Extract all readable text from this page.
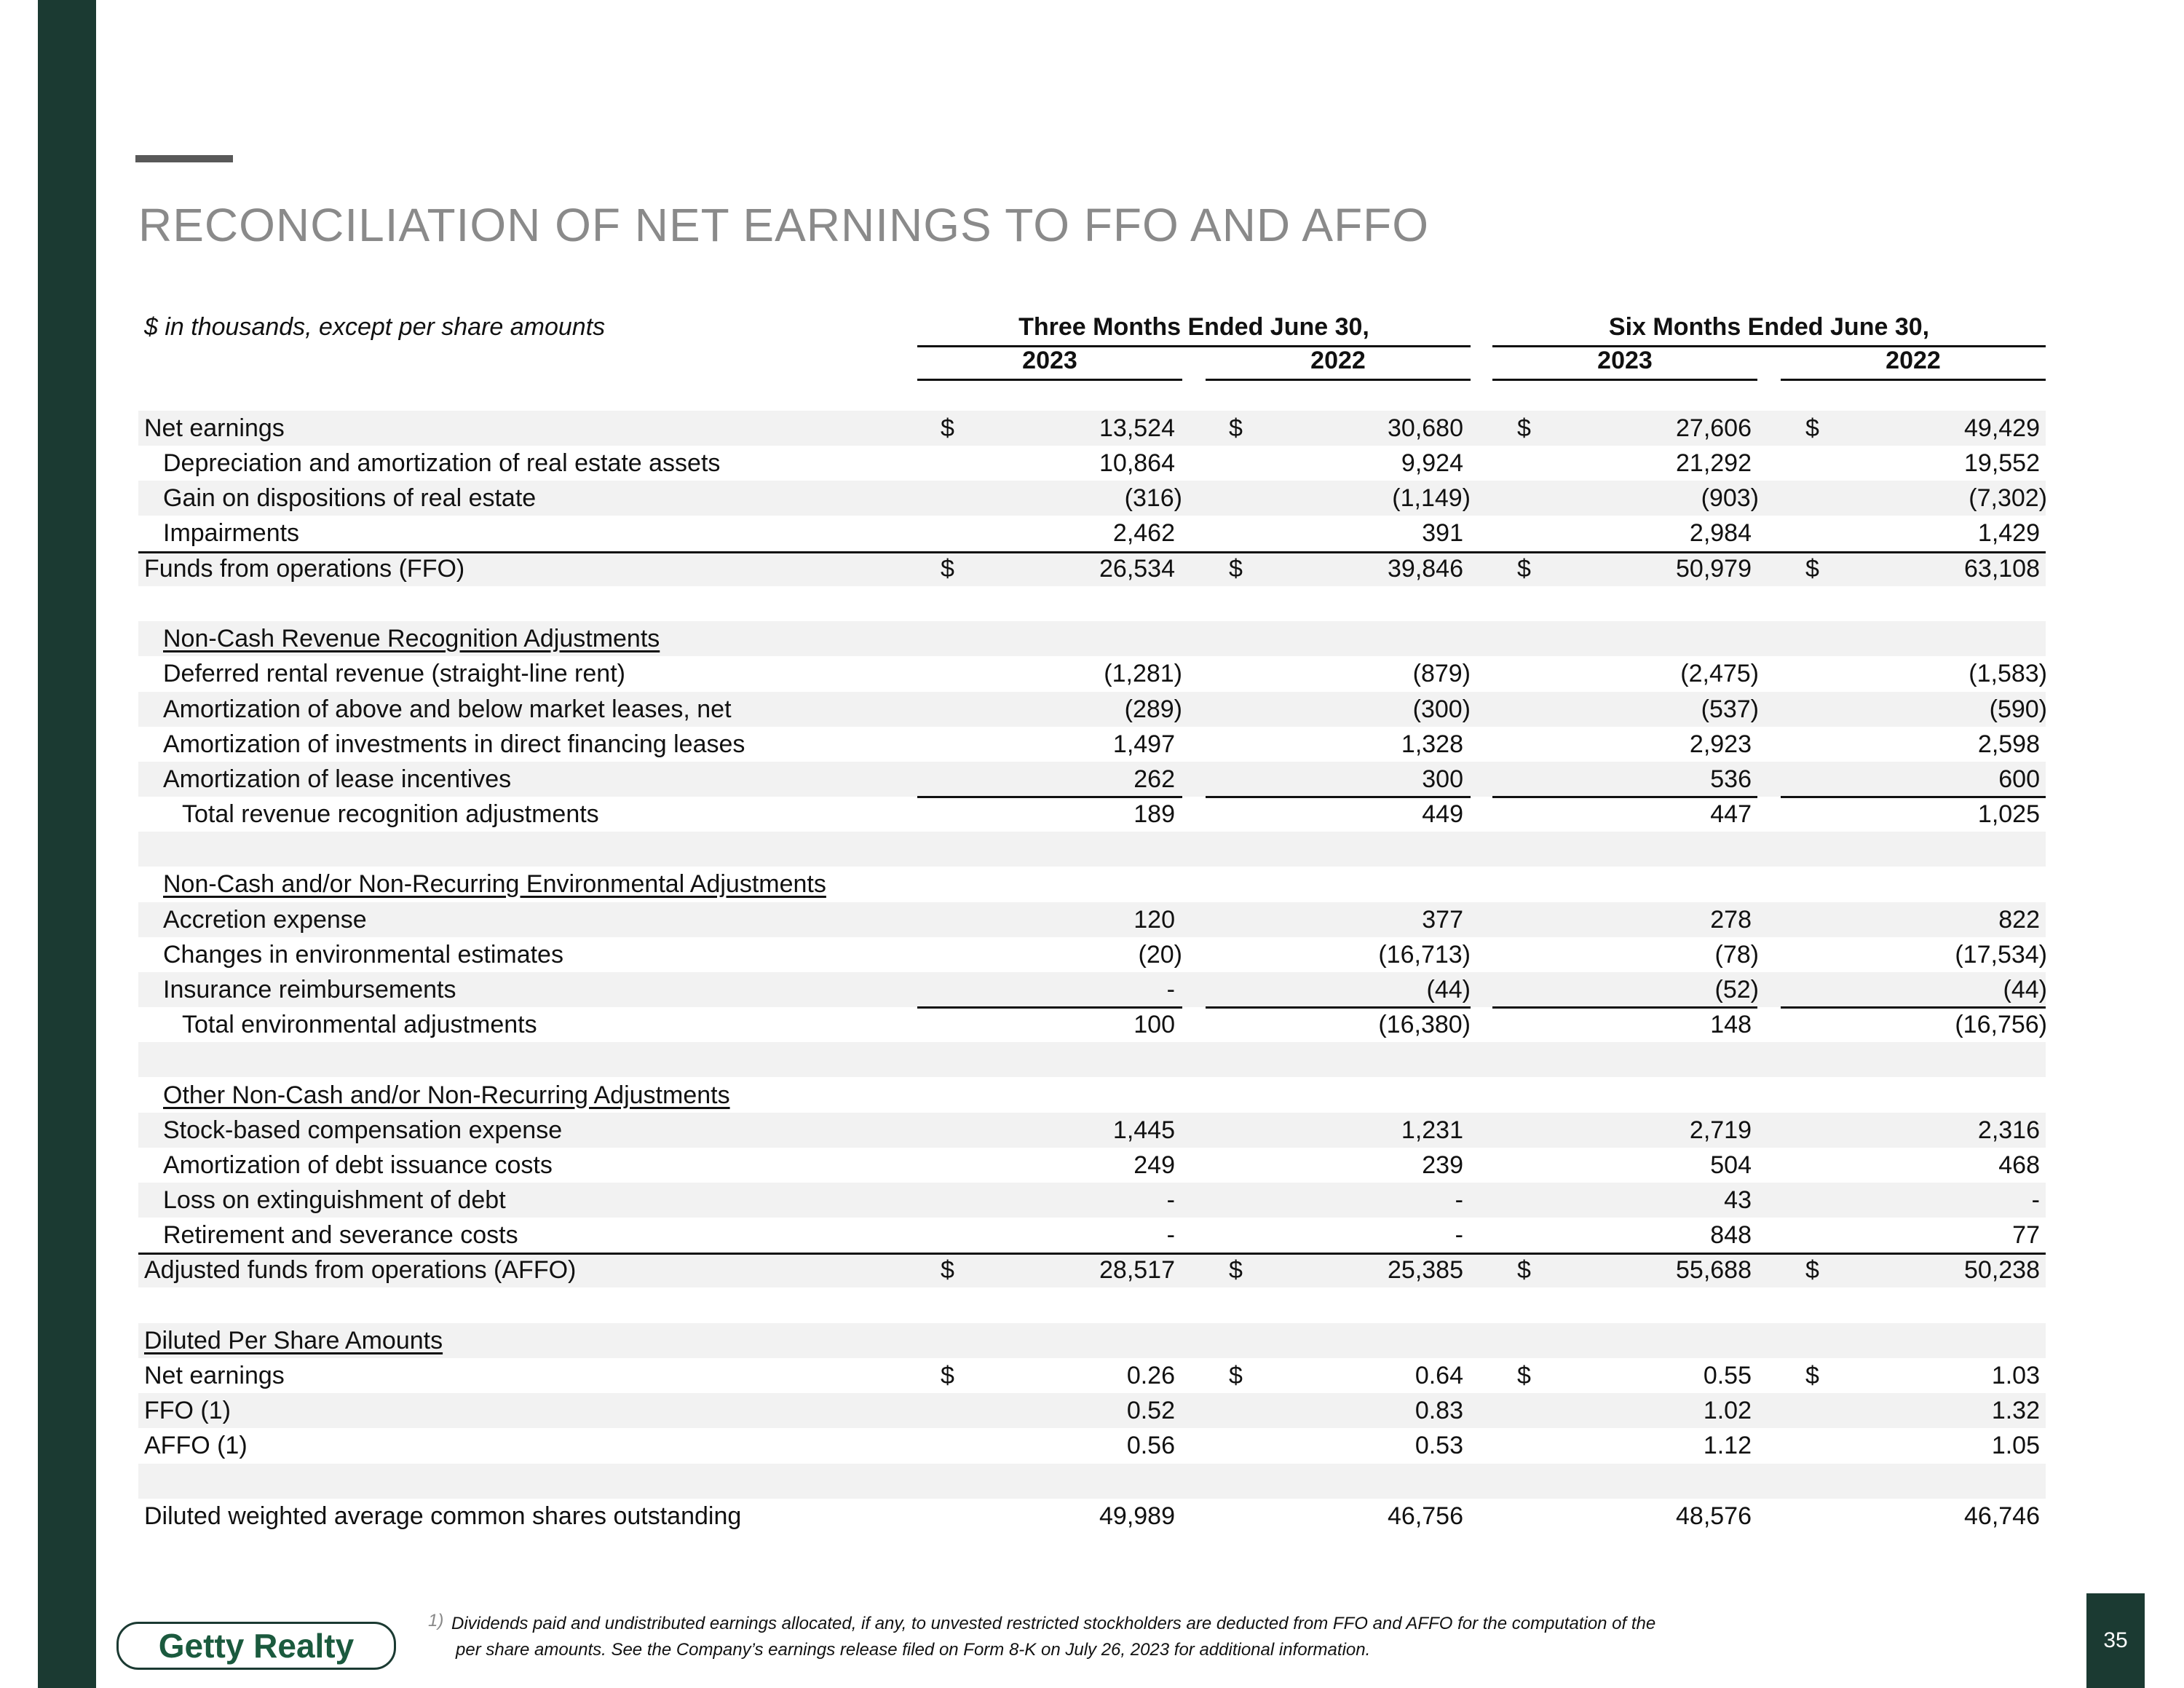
RECONCILIATION OF NET EARNINGS TO FFO AND AFFO
$ in thousands, except per share amounts	Three Months Ended June 30,	Six Months Ended June 30,
2023	2022	2023	2022
Net earnings	$	13,524 $	30,680 $	27,606 $	49,429
Depreciation and amortization of real estate assets	10,864	9,924	21,292	19,552
Gain on dispositions of real estate	(316)	(1,149)	(903)	(7,302)
Impairments	2,462	391	2,984	1,429
Funds from operations (FFO)	$	26,534 $	39,846 $	50,979 $	63,108
Non-Cash Revenue Recognition Adjustments
Deferred rental revenue (straight-line rent)	(1,281)	(879)	(2,475)	(1,583)
Amortization of above and below market leases, net	(289)	(300)	(537)	(590)
Amortization of investments in direct financing leases	1,497	1,328	2,923	2,598
Amortization of lease incentives	262	300	536	600
Total revenue recognition adjustments	189	449	447	1,025
Non-Cash and/or Non-Recurring Environmental Adjustments
Accretion expense	120	377	278	822
Changes in environmental estimates	(20)	(16,713)	(78)	(17,534)
Insurance reimbursements	-	(44)	(52)	(44)
Total environmental adjustments	100	(16,380)	148	(16,756)
Other Non-Cash and/or Non-Recurring Adjustments
Stock-based compensation expense	1,445	1,231	2,719	2,316
Amortization of debt issuance costs	249	239	504	468
Loss on extinguishment of debt	-	-	43	-
Retirement and severance costs	-	-	848	77
Adjusted funds from operations (AFFO)	$	28,517 $	25,385 $	55,688 $	50,238
Diluted Per Share Amounts
Net earnings	$	0.26 $	0.64 $	0.55 $	1.03
FFO (1)	0.52	0.83	1.02	1.32
AFFO (1)	0.56	0.53	1.12	1.05
Diluted weighted average common shares outstanding	49,989	46,756	48,576	46,746
Getty Realty
1) Dividends paid and undistributed earnings allocated, if any, to unvested restricted stockholders are deducted from FFO and AFFO for the computation of the
per share amounts. See the Company’s earnings release filed on Form 8-K on July 26, 2023 for additional information.	35
